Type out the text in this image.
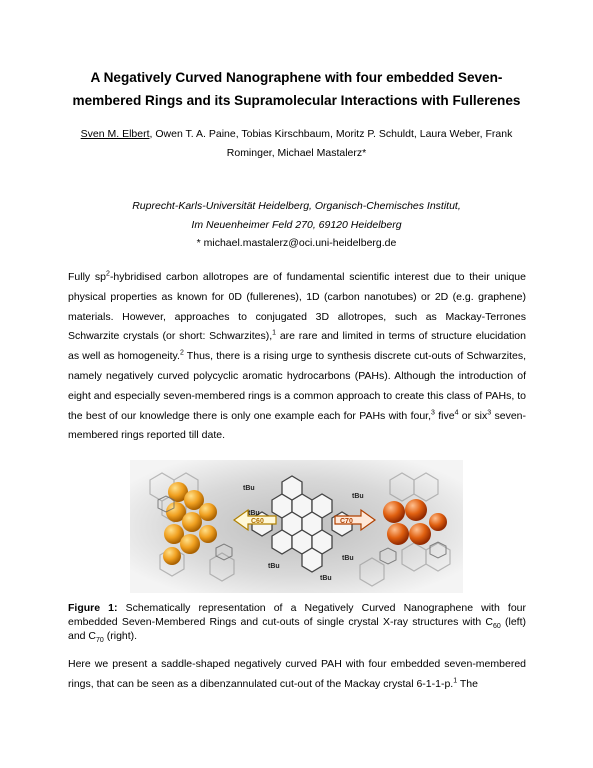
A Negatively Curved Nanographene with four embedded Seven-membered Rings and its Supramolecular Interactions with Fullerenes
Sven M. Elbert, Owen T. A. Paine, Tobias Kirschbaum, Moritz P. Schuldt, Laura Weber, Frank Rominger, Michael Mastalerz*
Ruprecht-Karls-Universität Heidelberg, Organisch-Chemisches Institut,
Im Neuenheimer Feld 270, 69120 Heidelberg
* michael.mastalerz@oci.uni-heidelberg.de
Fully $sp^2$-hybridised carbon allotropes are of fundamental scientific interest due to their unique physical properties as known for 0D (fullerenes), 1D (carbon nanotubes) or 2D (e.g. graphene) materials. However, approaches to conjugated 3D allotropes, such as Mackay-Terrones Schwarzite crystals (or short: Schwarzites),$^1$ are rare and limited in terms of structure elucidation as well as homogeneity.$^2$ Thus, there is a rising urge to synthesis discrete cut-outs of Schwarzites, namely negatively curved polycyclic aromatic hydrocarbons (PAHs). Although the introduction of eight and especially seven-membered rings is a common approach to create this class of PAHs, to the best of our knowledge there is only one example each for PAHs with four,$^3$ five$^4$ or six$^3$ seven-membered rings reported till date.
tBu
tBu
tBu
tBu
tBu
tBu
C60	C70
Figure 1: Schematically representation of a Negatively Curved Nanographene with four embedded Seven-Membered Rings and cut-outs of single crystal X-ray structures with $C_{60}$ (left) and $C_{70}$ (right).
Here we present a saddle-shaped negatively curved PAH with four embedded seven-membered rings, that can be seen as a dibenzannulated cut-out of the Mackay crystal 6-1-1-p.$^1$ The
